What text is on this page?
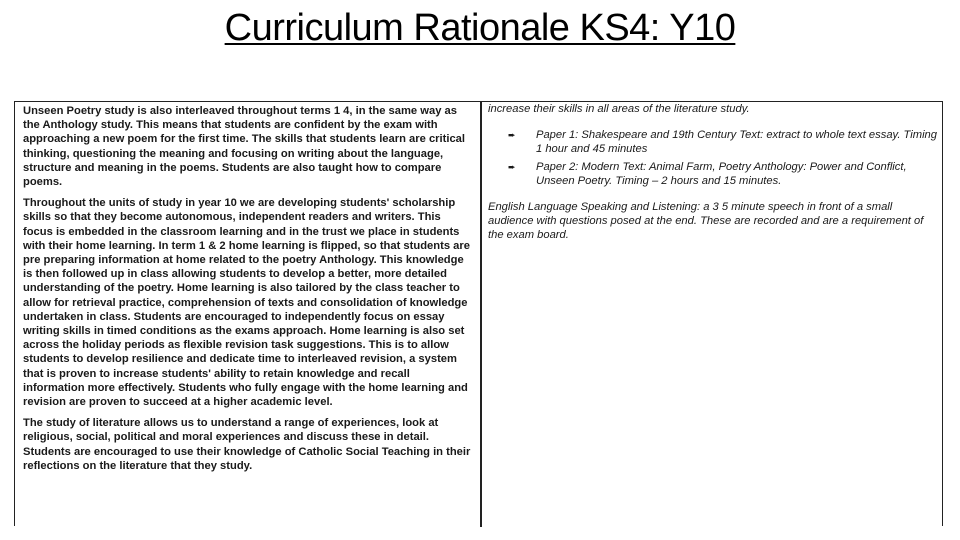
Curriculum Rationale KS4: Y10

Unseen Poetry study is also interleaved throughout terms 1 4, in the same way as the Anthology study. This means that students are confident by the exam with approaching a new poem for the first time. The skills that students learn are critical thinking, questioning the meaning and focusing on writing about the language, structure and meaning in the poems. Students are also taught how to compare poems.

Throughout the units of study in year 10 we are developing students' scholarship skills so that they become autonomous, independent readers and writers. This focus is embedded in the classroom learning and in the trust we place in students with their home learning. In term 1 & 2 home learning is flipped, so that students are pre preparing information at home related to the poetry Anthology. This knowledge is then followed up in class allowing students to develop a better, more detailed understanding of the poetry. Home learning is also tailored by the class teacher to allow for retrieval practice, comprehension of texts and consolidation of knowledge undertaken in class. Students are encouraged to independently focus on essay writing skills in timed conditions as the exams approach. Home learning is also set across the holiday periods as flexible revision task suggestions. This is to allow students to develop resilience and dedicate time to interleaved revision, a system that is proven to increase students' ability to retain knowledge and recall information more effectively. Students who fully engage with the home learning and revision are proven to succeed at a higher academic level.

The study of literature allows us to understand a range of experiences, look at religious, social, political and moral experiences and discuss these in detail. Students are encouraged to use their knowledge of Catholic Social Teaching in their reflections on the literature that they study.

increase their skills in all areas of the literature study.

➨ Paper 1: Shakespeare and 19th Century Text: extract to whole text essay. Timing 1 hour and 45 minutes
➨ Paper 2: Modern Text: Animal Farm, Poetry Anthology: Power and Conflict, Unseen Poetry. Timing – 2 hours and 15 minutes.

English Language Speaking and Listening: a 3 5 minute speech in front of a small audience with questions posed at the end. These are recorded and are a requirement of the exam board.
